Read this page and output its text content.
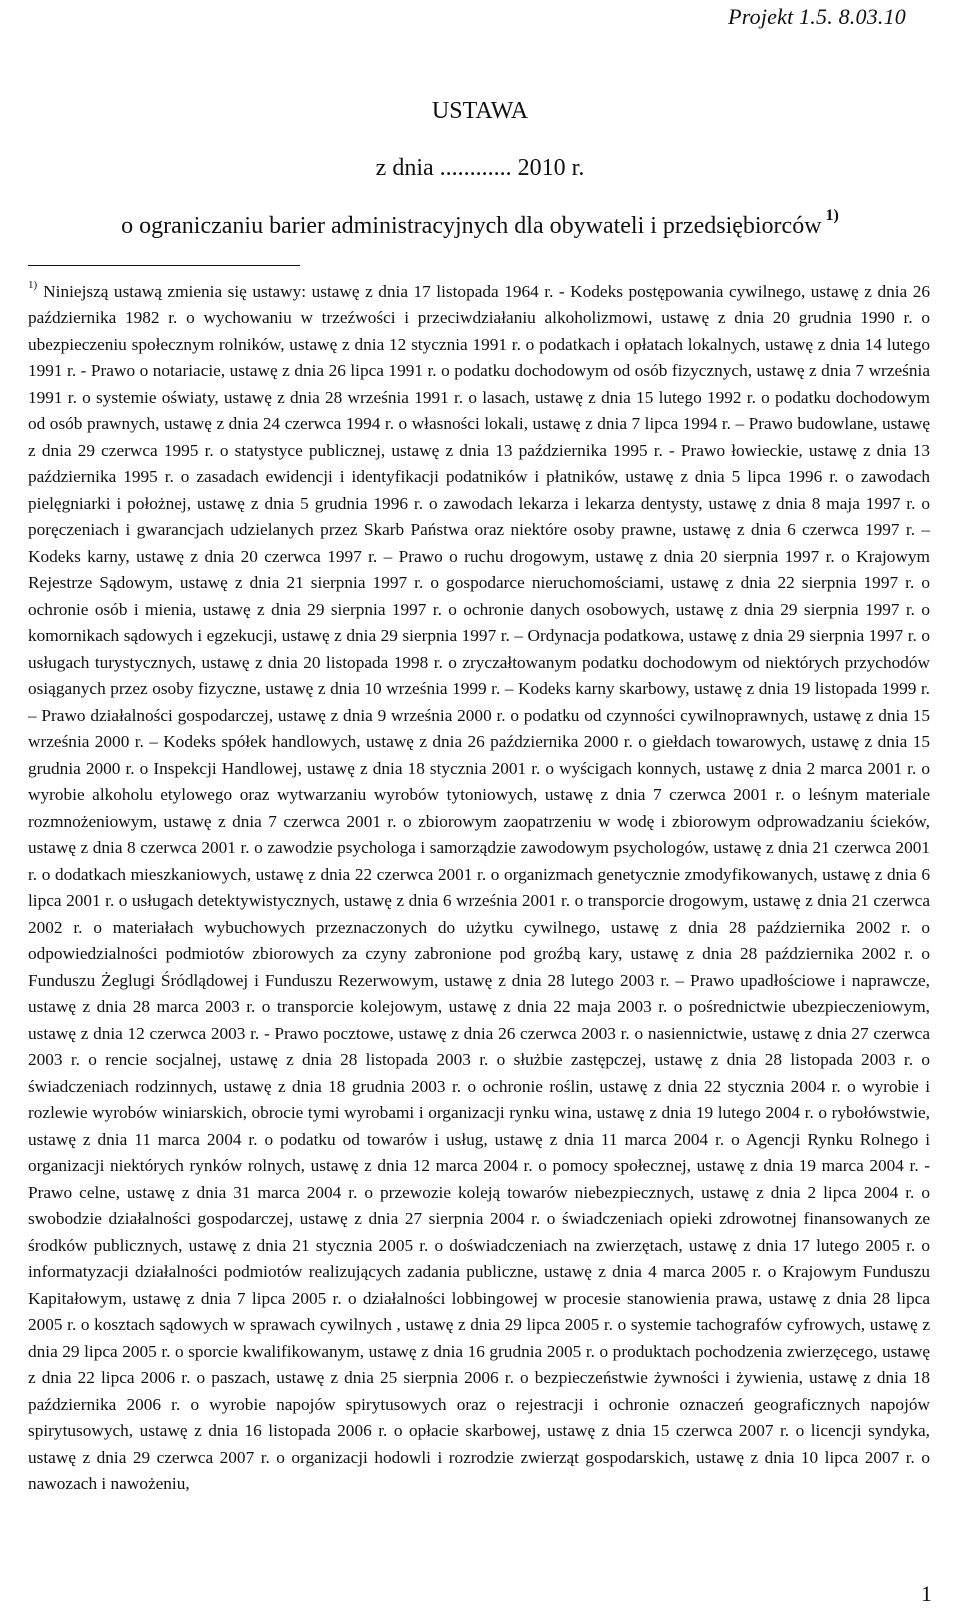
Projekt 1.5. 8.03.10
USTAWA
z dnia ............ 2010 r.
o ograniczaniu barier administracyjnych dla obywateli i przedsiębiorców $^{1)}$

$^{1)}$ Niniejszą ustawą zmienia się ustawy: ustawę z dnia 17 listopada 1964 r. - Kodeks postępowania cywilnego, ustawę z dnia 26 października 1982 r. o wychowaniu w trzeźwości i przeciwdziałaniu alkoholizmowi, ustawę z dnia 20 grudnia 1990 r. o ubezpieczeniu społecznym rolników, ustawę z dnia 12 stycznia 1991 r. o podatkach i opłatach lokalnych, ustawę z dnia 14 lutego 1991 r. - Prawo o notariacie, ustawę z dnia 26 lipca 1991 r. o podatku dochodowym od osób fizycznych, ustawę z dnia 7 września 1991 r. o systemie oświaty, ustawę z dnia 28 września 1991 r. o lasach, ustawę z dnia 15 lutego 1992 r. o podatku dochodowym od osób prawnych, ustawę z dnia 24 czerwca 1994 r. o własności lokali, ustawę z dnia 7 lipca 1994 r. – Prawo budowlane, ustawę z dnia 29 czerwca 1995 r. o statystyce publicznej, ustawę z dnia 13 października 1995 r. - Prawo łowieckie, ustawę z dnia 13 października 1995 r. o zasadach ewidencji i identyfikacji podatników i płatników, ustawę z dnia 5 lipca 1996 r. o zawodach pielęgniarki i położnej, ustawę z dnia 5 grudnia 1996 r. o zawodach lekarza i lekarza dentysty, ustawę z dnia 8 maja 1997 r. o poręczeniach i gwarancjach udzielanych przez Skarb Państwa oraz niektóre osoby prawne, ustawę z dnia 6 czerwca 1997 r. – Kodeks karny, ustawę z dnia 20 czerwca 1997 r. – Prawo o ruchu drogowym, ustawę z dnia 20 sierpnia 1997 r. o Krajowym Rejestrze Sądowym, ustawę z dnia 21 sierpnia 1997 r. o gospodarce nieruchomościami, ustawę z dnia 22 sierpnia 1997 r. o ochronie osób i mienia, ustawę z dnia 29 sierpnia 1997 r. o ochronie danych osobowych, ustawę z dnia 29 sierpnia 1997 r. o komornikach sądowych i egzekucji, ustawę z dnia 29 sierpnia 1997 r. – Ordynacja podatkowa, ustawę z dnia 29 sierpnia 1997 r. o usługach turystycznych, ustawę z dnia 20 listopada 1998 r. o zryczałtowanym podatku dochodowym od niektórych przychodów osiąganych przez osoby fizyczne, ustawę z dnia 10 września 1999 r. – Kodeks karny skarbowy, ustawę z dnia 19 listopada 1999 r. – Prawo działalności gospodarczej, ustawę z dnia 9 września 2000 r. o podatku od czynności cywilnoprawnych, ustawę z dnia 15 września 2000 r. – Kodeks spółek handlowych, ustawę z dnia 26 października 2000 r. o giełdach towarowych, ustawę z dnia 15 grudnia 2000 r. o Inspekcji Handlowej, ustawę z dnia 18 stycznia 2001 r. o wyścigach konnych, ustawę z dnia 2 marca 2001 r. o wyrobie alkoholu etylowego oraz wytwarzaniu wyrobów tytoniowych, ustawę z dnia 7 czerwca 2001 r. o leśnym materiale rozmnożeniowym, ustawę z dnia 7 czerwca 2001 r. o zbiorowym zaopatrzeniu w wodę i zbiorowym odprowadzaniu ścieków, ustawę z dnia 8 czerwca 2001 r. o zawodzie psychologa i samorządzie zawodowym psychologów, ustawę z dnia 21 czerwca 2001 r. o dodatkach mieszkaniowych, ustawę z dnia 22 czerwca 2001 r. o organizmach genetycznie zmodyfikowanych, ustawę z dnia 6 lipca 2001 r. o usługach detektywistycznych, ustawę z dnia 6 września 2001 r. o transporcie drogowym, ustawę z dnia 21 czerwca 2002 r. o materiałach wybuchowych przeznaczonych do użytku cywilnego, ustawę z dnia 28 października 2002 r. o odpowiedzialności podmiotów zbiorowych za czyny zabronione pod groźbą kary, ustawę z dnia 28 października 2002 r. o Funduszu Żeglugi Śródlądowej i Funduszu Rezerwowym, ustawę z dnia 28 lutego 2003 r. – Prawo upadłościowe i naprawcze, ustawę z dnia 28 marca 2003 r. o transporcie kolejowym, ustawę z dnia 22 maja 2003 r. o pośrednictwie ubezpieczeniowym, ustawę z dnia 12 czerwca 2003 r. - Prawo pocztowe, ustawę z dnia 26 czerwca 2003 r. o nasiennictwie, ustawę z dnia 27 czerwca 2003 r. o rencie socjalnej, ustawę z dnia 28 listopada 2003 r. o służbie zastępczej, ustawę z dnia 28 listopada 2003 r. o świadczeniach rodzinnych, ustawę z dnia 18 grudnia 2003 r. o ochronie roślin, ustawę z dnia 22 stycznia 2004 r. o wyrobie i rozlewie wyrobów winiarskich, obrocie tymi wyrobami i organizacji rynku wina, ustawę z dnia 19 lutego 2004 r. o rybołówstwie, ustawę z dnia 11 marca 2004 r. o podatku od towarów i usług, ustawę z dnia 11 marca 2004 r. o Agencji Rynku Rolnego i organizacji niektórych rynków rolnych, ustawę z dnia 12 marca 2004 r. o pomocy społecznej, ustawę z dnia 19 marca 2004 r. - Prawo celne, ustawę z dnia 31 marca 2004 r. o przewozie koleją towarów niebezpiecznych, ustawę z dnia 2 lipca 2004 r. o swobodzie działalności gospodarczej, ustawę z dnia 27 sierpnia 2004 r. o świadczeniach opieki zdrowotnej finansowanych ze środków publicznych, ustawę z dnia 21 stycznia 2005 r. o doświadczeniach na zwierzętach, ustawę z dnia 17 lutego 2005 r. o informatyzacji działalności podmiotów realizujących zadania publiczne, ustawę z dnia 4 marca 2005 r. o Krajowym Funduszu Kapitałowym, ustawę z dnia 7 lipca 2005 r. o działalności lobbingowej w procesie stanowienia prawa, ustawę z dnia 28 lipca 2005 r. o kosztach sądowych w sprawach cywilnych , ustawę z dnia 29 lipca 2005 r. o systemie tachografów cyfrowych, ustawę z dnia 29 lipca 2005 r. o sporcie kwalifikowanym, ustawę z dnia 16 grudnia 2005 r. o produktach pochodzenia zwierzęcego, ustawę z dnia 22 lipca 2006 r. o paszach, ustawę z dnia 25 sierpnia 2006 r. o bezpieczeństwie żywności i żywienia, ustawę z dnia 18 października 2006 r. o wyrobie napojów spirytusowych oraz o rejestracji i ochronie oznaczeń geograficznych napojów spirytusowych, ustawę z dnia 16 listopada 2006 r. o opłacie skarbowej, ustawę z dnia 15 czerwca 2007 r. o licencji syndyka, ustawę z dnia 29 czerwca 2007 r. o organizacji hodowli i rozrodzie zwierząt gospodarskich, ustawę z dnia 10 lipca 2007 r. o nawozach i nawożeniu,

1
